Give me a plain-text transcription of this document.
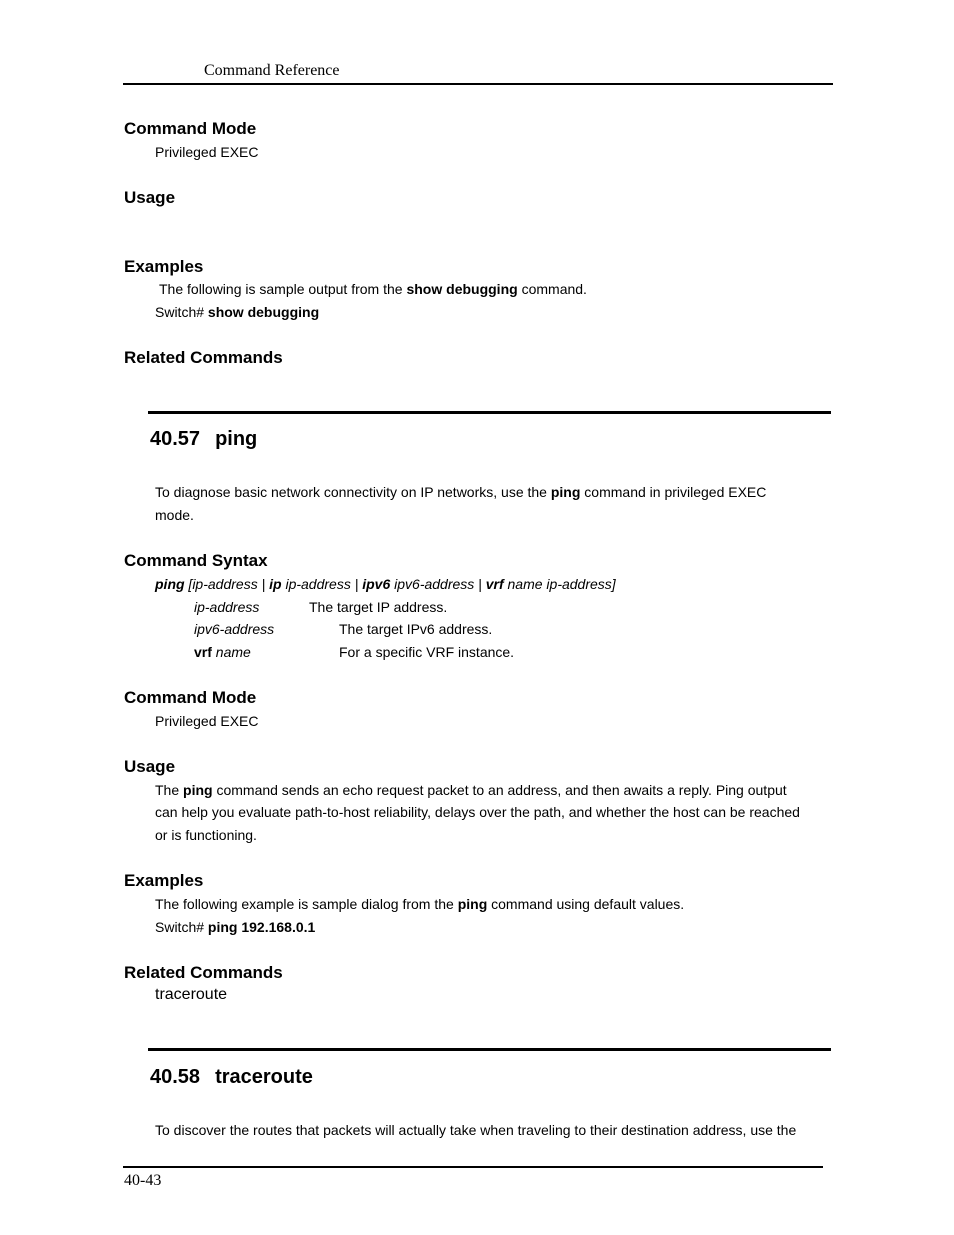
Command Reference
Command Mode
Privileged EXEC
Usage
Examples
The following is sample output from the show debugging command.
Switch# show debugging
Related Commands
40.57 ping
To diagnose basic network connectivity on IP networks, use the ping command in privileged EXEC
mode.
Command Syntax
ping [ip-address | ip ip-address | ipv6 ipv6-address | vrf name ip-address]
ip-address	The target IP address.
ipv6-address	The target IPv6 address.
vrf name	For a specific VRF instance.
Command Mode
Privileged EXEC
Usage
The ping command sends an echo request packet to an address, and then awaits a reply. Ping output
can help you evaluate path-to-host reliability, delays over the path, and whether the host can be reached
or is functioning.
Examples
The following example is sample dialog from the ping command using default values.
Switch# ping 192.168.0.1
Related Commands
traceroute
40.58 traceroute
To discover the routes that packets will actually take when traveling to their destination address, use the
40-43
